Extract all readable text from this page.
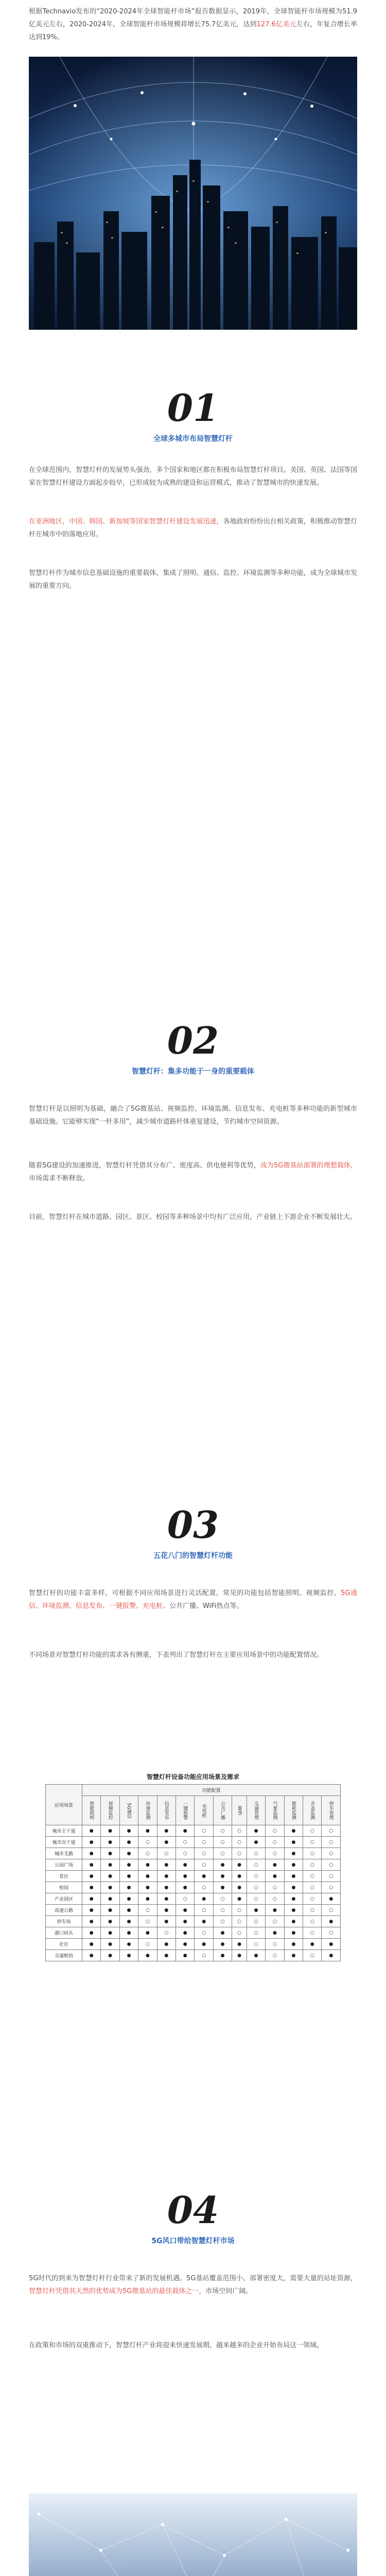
根据Technavio发布的“2020-2024年全球智能杆市场”报告数据显示，2019年，全球智能杆市场规模为51.9亿美元左右，2020-2024年，全球智能杆市场规模将增长75.7亿美元，达到127.6亿美元左右，年复合增长率达到19%。

01
全球多城市布局智慧灯杆

在全球范围内，智慧灯杆的发展势头强劲，多个国家和地区都在积极布局智慧灯杆项目。美国、英国、法国等国家在智慧灯杆建设方面起步较早，已形成较为成熟的建设和运营模式，推动了智慧城市的快速发展。

在亚洲地区，中国、韩国、新加坡等国家智慧灯杆建设发展迅速，各地政府纷纷出台相关政策，积极推动智慧灯杆在城市中的落地应用。

智慧灯杆作为城市信息基础设施的重要载体，集成了照明、通信、监控、环境监测等多种功能，成为全球城市发展的重要方向。

02
智慧灯杆：集多功能于一身的重要载体

智慧灯杆是以照明为基础，融合了5G微基站、视频监控、环境监测、信息发布、充电桩等多种功能的新型城市基础设施。它能够实现“一杆多用”，减少城市道路杆体重复建设，节约城市空间资源。

随着5G建设的加速推进，智慧灯杆凭借其分布广、密度高、供电便利等优势，成为5G微基站部署的理想载体，市场需求不断释放。

目前，智慧灯杆在城市道路、园区、景区、校园等多种场景中均有广泛应用，产业链上下游企业不断发展壮大。

03
五花八门的智慧灯杆功能

智慧灯杆的功能丰富多样，可根据不同应用场景进行灵活配置。常见的功能包括智能照明、视频监控、5G通信、环境监测、信息发布、一键报警、充电桩、公共广播、WiFi热点等。

不同场景对智慧灯杆功能的需求各有侧重，下表列出了智慧灯杆在主要应用场景中的功能配置情况。

智慧灯杆设备功能应用场景及需求
应用场景	功能配置													
	智能照明	视频监控	5G通信	环境监测	信息发布	一键报警	充电桩	公共广播	WiFi	交通管理	气象监测	能耗监测	井盖监测	停车管理
城市主干道	●	●	●	●	●	●	○	○	○	●	○	●	○	○
城市次干道	●	●	●	○	●	○	○	○	○	●	○	●	○	○
城市支路	●	●	●	○	○	○	○	○	○	○	○	●	○	○
公园广场	●	●	●	●	●	●	○	●	●	○	●	●	○	○
景区	●	●	●	●	●	●	●	●	●	○	●	●	○	○
校园	●	●	●	●	●	●	○	●	●	○	○	●	○	○
产业园区	●	●	●	●	●	○	●	○	●	○	○	●	○	●
高速公路	●	●	●	○	●	●	○	○	○	●	●	●	○	○
停车场	●	●	●	○	●	●	●	○	○	○	○	●	○	●
港口码头	●	●	●	●	○	●	○	●	○	○	●	●	○	○
社区	●	●	●	○	●	●	●	●	●	○	○	●	●	●
交通枢纽	●	●	●	●	●	●	○	●	●	●	○	●	○	●
04
5G风口带给智慧灯杆市场

5G时代的到来为智慧灯杆行业带来了新的发展机遇。5G基站覆盖范围小、部署密度大，需要大量的站址资源，智慧灯杆凭借其天然的优势成为5G微基站的最佳载体之一，市场空间广阔。

在政策和市场的双重推动下，智慧灯杆产业将迎来快速发展期，越来越多的企业开始布局这一领域。
